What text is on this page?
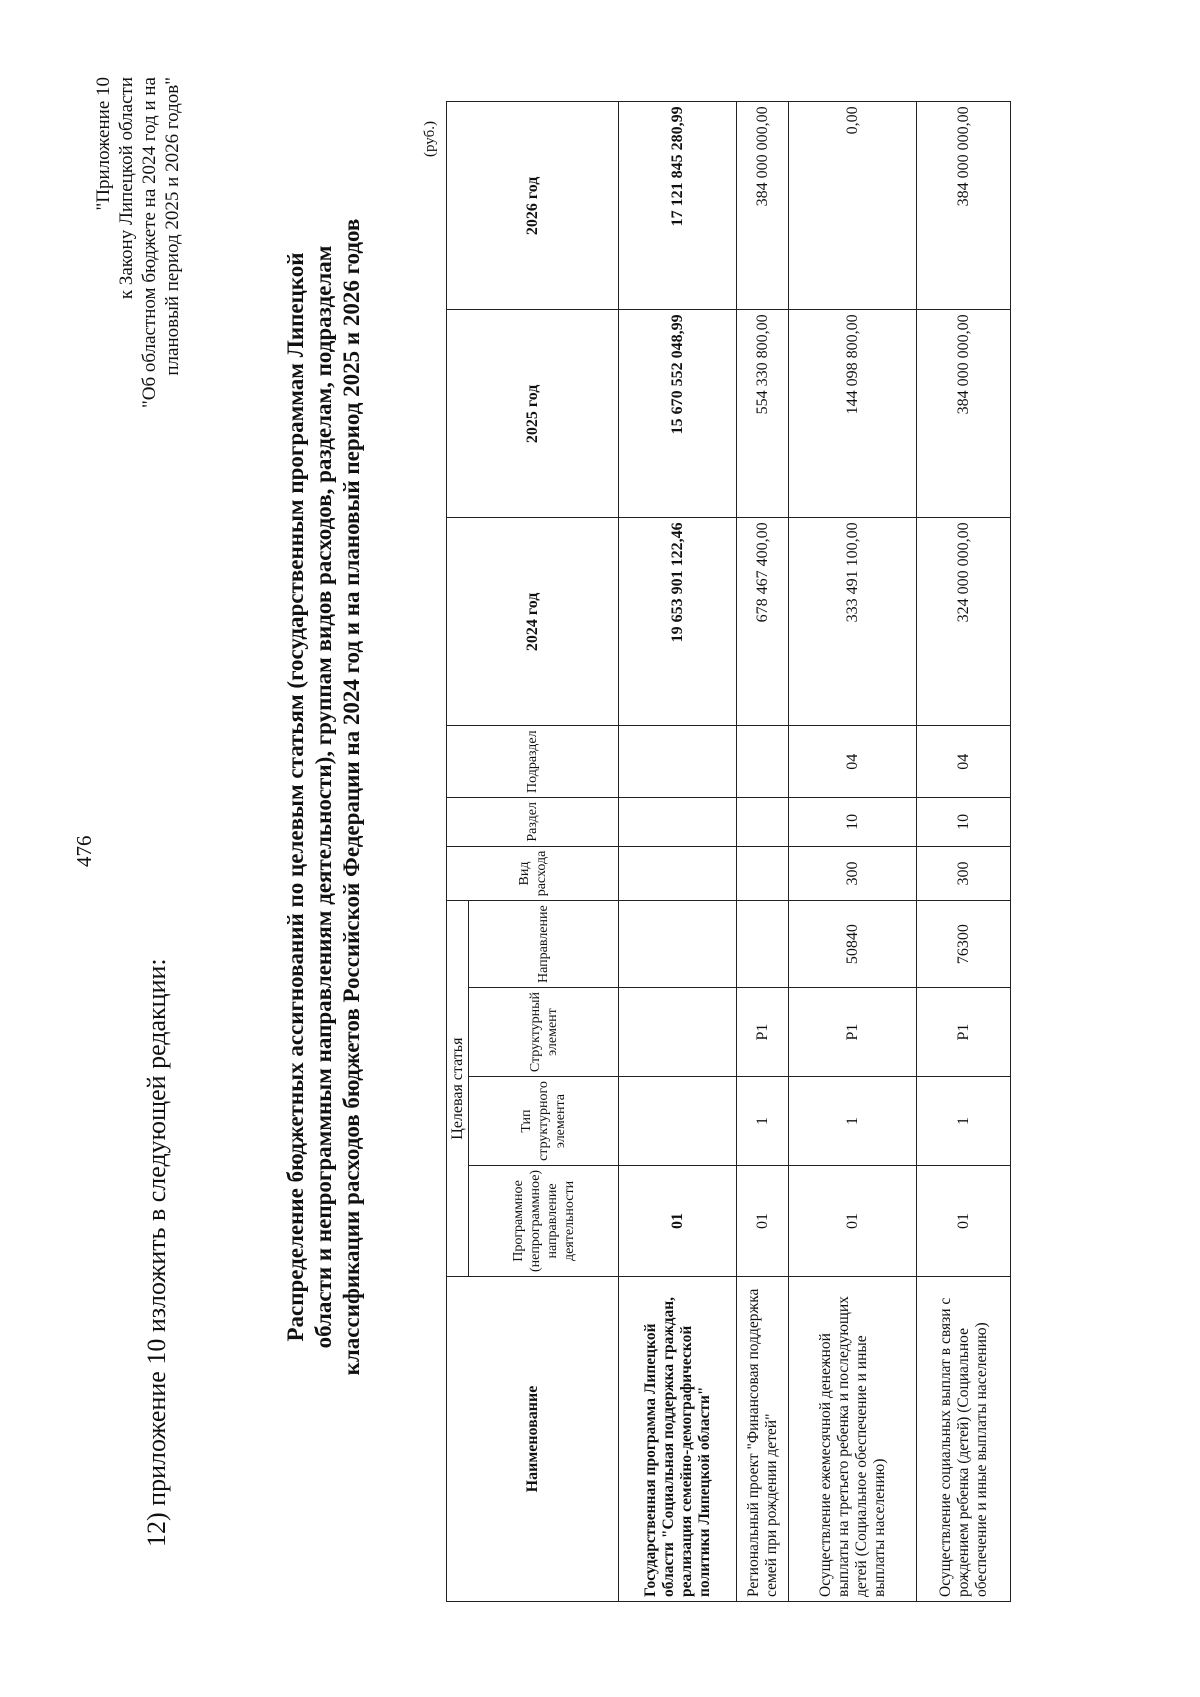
476
12) приложение 10 изложить в следующей редакции:
"Приложение 10 к Закону Липецкой области "Об областном бюджете на 2024 год и на плановый период 2025 и 2026 годов"
Распределение бюджетных ассигнований по целевым статьям (государственным программам Липецкой области и непрограммным направлениям деятельности), группам видов расходов, разделам, подразделам классификации расходов бюджетов Российской Федерации на 2024 год и на плановый период 2025 и 2026 годов
(руб.)
Наименование	Целевая статья				Вид расхода	Раздел	Подраздел	2024 год	2025 год	2026 год
	Программное (непрограммное) направление деятельности	Тип структурного элемента	Структурный элемент	Направление						
Государственная программа Липецкой области "Социальная поддержка граждан, реализация семейно-демографической политики Липецкой области"	01							19 653 901 122,46	15 670 552 048,99	17 121 845 280,99
Региональный проект "Финансовая поддержка семей при рождении детей"	01	1	P1					678 467 400,00	554 330 800,00	384 000 000,00
Осуществление ежемесячной денежной выплаты на третьего ребенка и последующих детей (Социальное обеспечение и иные выплаты населению)	01	1	P1	50840	300	10	04	333 491 100,00	144 098 800,00	0,00
Осуществление социальных выплат в связи с рождением ребенка (детей) (Социальное обеспечение и иные выплаты населению)	01	1	P1	76300	300	10	04	324 000 000,00	384 000 000,00	384 000 000,00
